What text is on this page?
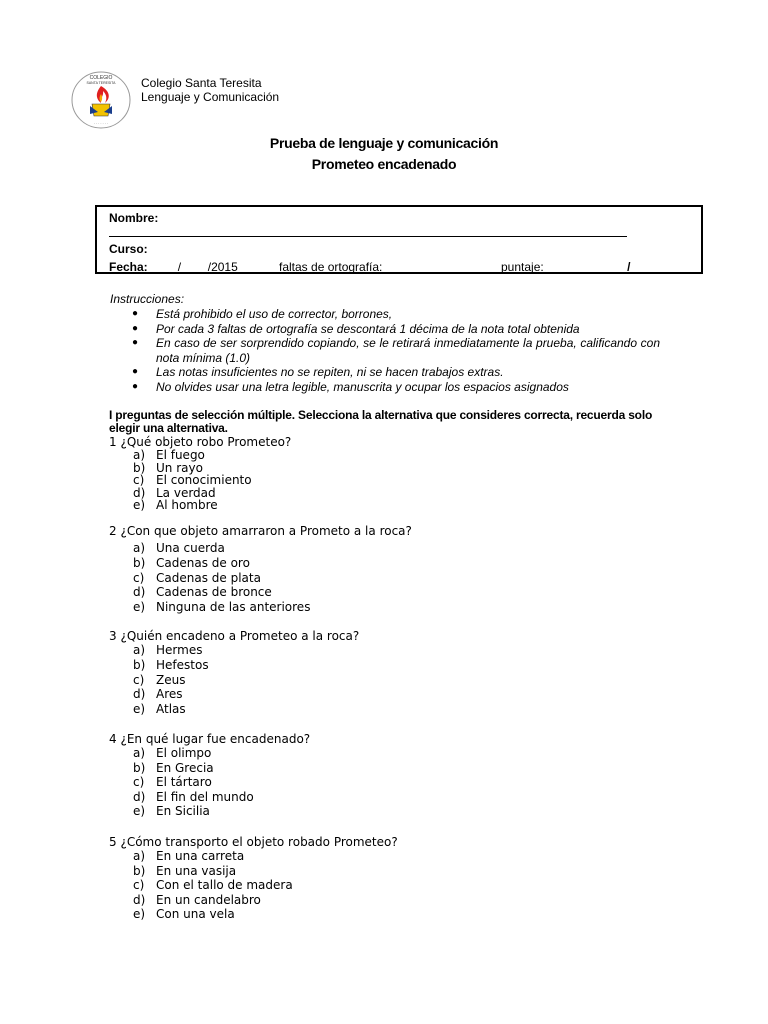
COLEGIO
SANTA TERESITA
· · · · · · ·
Colegio Santa Teresita
Lenguaje y Comunicación
Prueba de lenguaje y comunicación
Prometeo encadenado
Nombre:
Curso:
Fecha: ____/____/2015	faltas de ortografía: ________	puntaje: ____________/
Instrucciones:
● Está prohibido el uso de corrector, borrones,
● Por cada 3 faltas de ortografía se descontará 1 décima de la nota total obtenida
● En caso de ser sorprendido copiando, se le retirará inmediatamente la prueba, calificando con nota mínima (1.0)
● Las notas insuficientes no se repiten, ni se hacen trabajos extras.
● No olvides usar una letra legible, manuscrita y ocupar los espacios asignados
I preguntas de selección múltiple. Selecciona la alternativa que consideres correcta, recuerda solo elegir una alternativa.
1 ¿Qué objeto robo Prometeo?
a) El fuego
b) Un rayo
c) El conocimiento
d) La verdad
e) Al hombre
2 ¿Con que objeto amarraron a Prometo a la roca?
a) Una cuerda
b) Cadenas de oro
c) Cadenas de plata
d) Cadenas de bronce
e) Ninguna de las anteriores
3 ¿Quién encadeno a Prometeo a la roca?
a) Hermes
b) Hefestos
c) Zeus
d) Ares
e) Atlas
4 ¿En qué lugar fue encadenado?
a) El olimpo
b) En Grecia
c) El tártaro
d) El fin del mundo
e) En Sicilia
5 ¿Cómo transporto el objeto robado Prometeo?
a) En una carreta
b) En una vasija
c) Con el tallo de madera
d) En un candelabro
e) Con una vela
